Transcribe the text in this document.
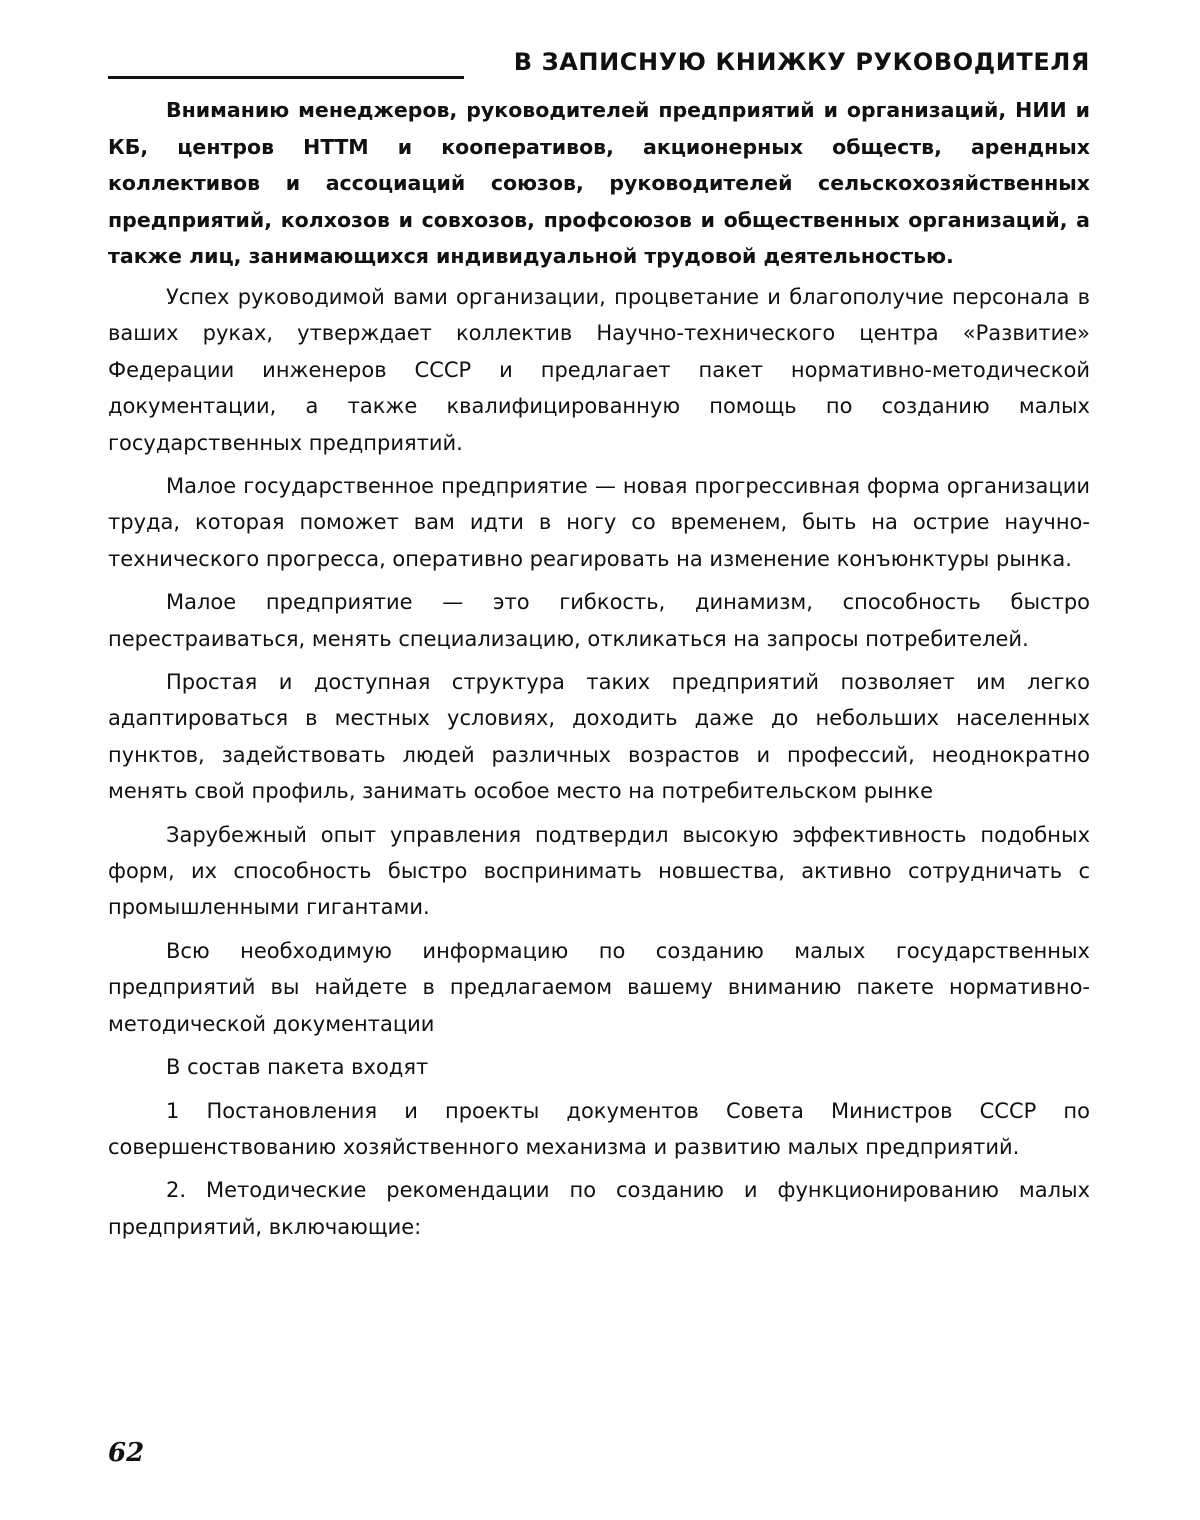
В ЗАПИСНУЮ КНИЖКУ РУКОВОДИТЕЛЯ

Вниманию менеджеров, руководителей предприятий и организаций, НИИ и КБ, центров НТТМ и кооперативов, акционерных обществ, арендных коллективов и ассоциаций союзов, руководителей сельскохозяйственных предприятий, колхозов и совхозов, профсоюзов и общественных организаций, а также лиц, занимающихся индивидуальной трудовой деятельностью.

Успех руководимой вами организации, процветание и благополучие персонала в ваших руках, утверждает коллектив Научно-технического центра «Развитие» Федерации инженеров СССР и предлагает пакет нормативно-методической документации, а также квалифицированную помощь по созданию малых государственных предприятий.

Малое государственное предприятие — новая прогрессивная форма организации труда, которая поможет вам идти в ногу со временем, быть на острие научно-технического прогресса, оперативно реагировать на изменение конъюнктуры рынка.

Малое предприятие — это гибкость, динамизм, способность быстро перестраиваться, менять специализацию, откликаться на запросы потребителей.

Простая и доступная структура таких предприятий позволяет им легко адаптироваться в местных условиях, доходить даже до небольших населенных пунктов, задействовать людей различных возрастов и профессий, неоднократно менять свой профиль, занимать особое место на потребительском рынке

Зарубежный опыт управления подтвердил высокую эффективность подобных форм, их способность быстро воспринимать новшества, активно сотрудничать с промышленными гигантами.

Всю необходимую информацию по созданию малых государственных предприятий вы найдете в предлагаемом вашему вниманию пакете нормативно-методической документации

В состав пакета входят

1 Постановления и проекты документов Совета Министров СССР по совершенствованию хозяйственного механизма и развитию малых предприятий.

2. Методические рекомендации по созданию и функционированию малых предприятий, включающие:

62
